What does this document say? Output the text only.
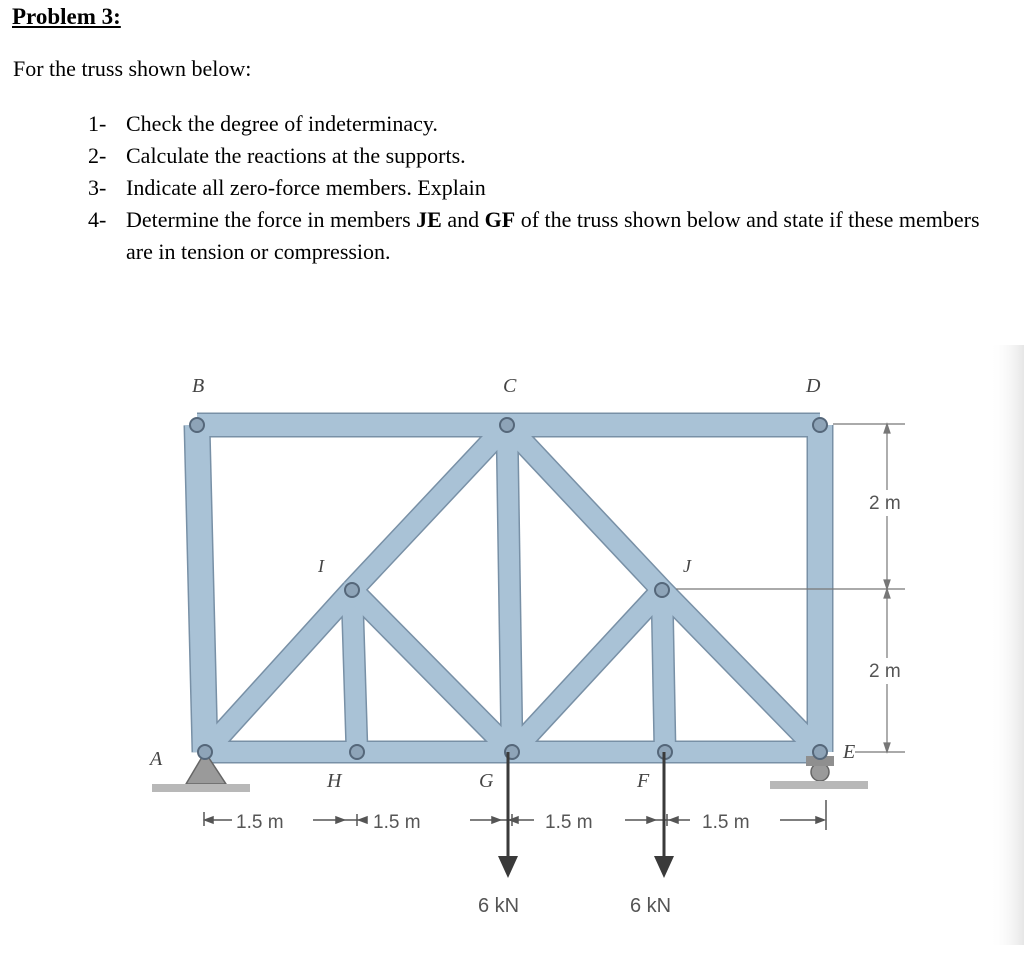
Problem 3:
For the truss shown below:
1- Check the degree of indeterminacy.
2- Calculate the reactions at the supports.
3- Indicate all zero-force members. Explain
4- Determine the force in members JE and GF of the truss shown below and state if these members are in tension or compression.
B	C	D
I	J
A	E
H	G	F
1.5 m	1.5 m	1.5 m	1.5 m
2 m
2 m
6 kN	6 kN
